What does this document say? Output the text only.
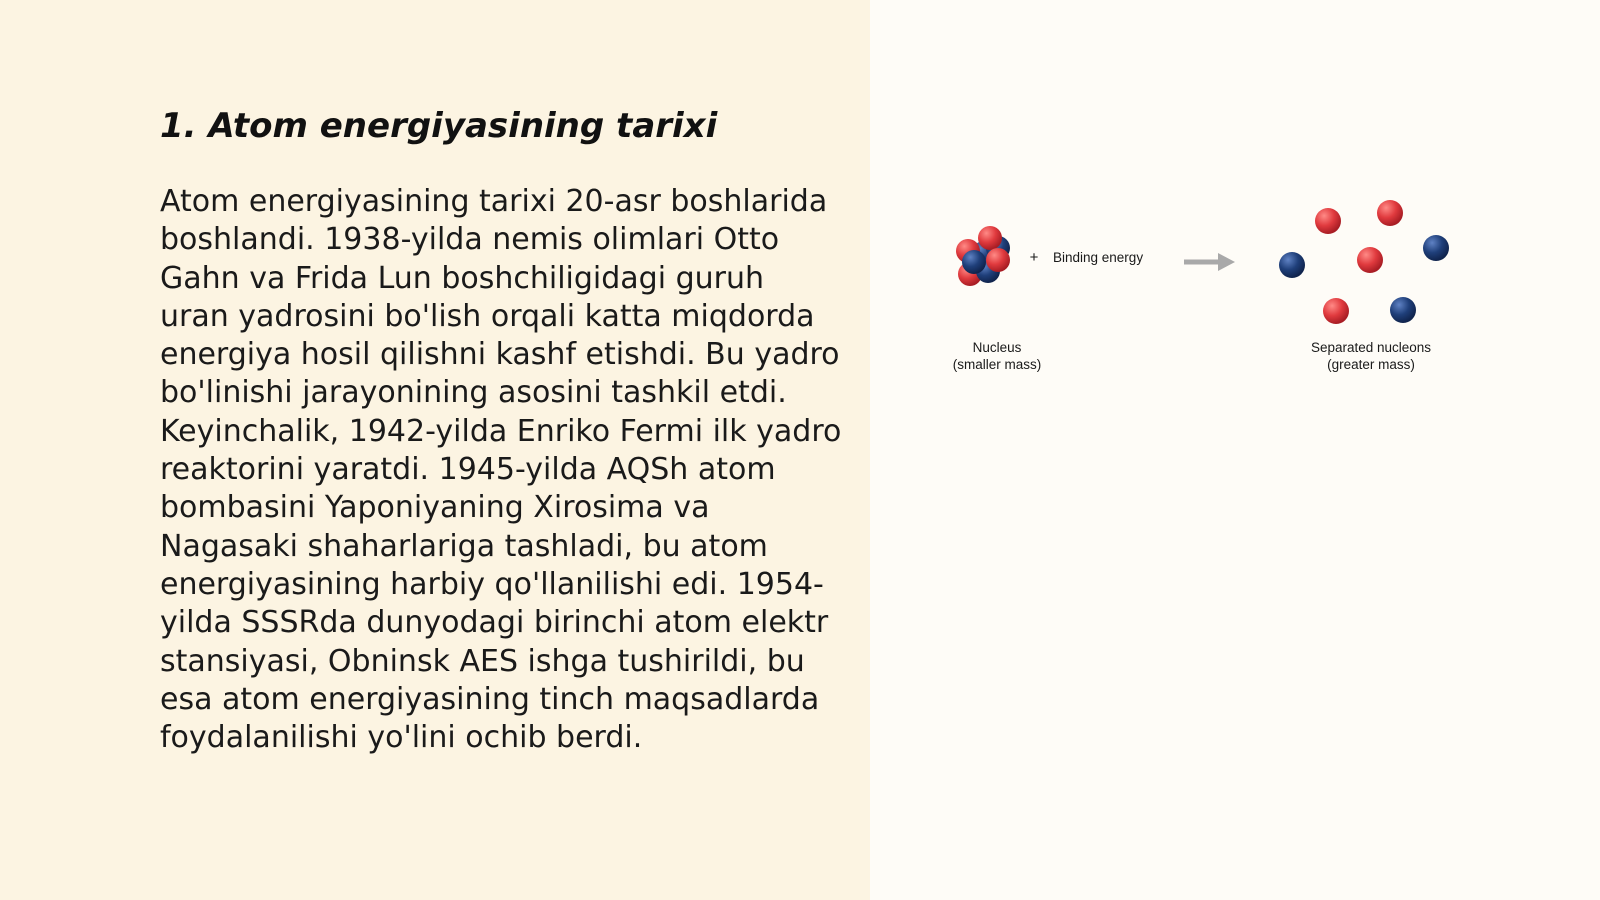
1. Atom energiyasining tarixi
Atom energiyasining tarixi 20-asr boshlarida
boshlandi. 1938-yilda nemis olimlari Otto
Gahn va Frida Lun boshchiligidagi guruh
uran yadrosini bo'lish orqali katta miqdorda
energiya hosil qilishni kashf etishdi. Bu yadro
bo'linishi jarayonining asosini tashkil etdi.
Keyinchalik, 1942-yilda Enriko Fermi ilk yadro
reaktorini yaratdi. 1945-yilda AQSh atom
bombasini Yaponiyaning Xirosima va
Nagasaki shaharlariga tashladi, bu atom
energiyasining harbiy qo'llanilishi edi. 1954-
yilda SSSRda dunyodagi birinchi atom elektr
stansiyasi, Obninsk AES ishga tushirildi, bu
esa atom energiyasining tinch maqsadlarda
foydalanilishi yo'lini ochib berdi.
+ Binding energy
Nucleus
(smaller mass)
Separated nucleons
(greater mass)
